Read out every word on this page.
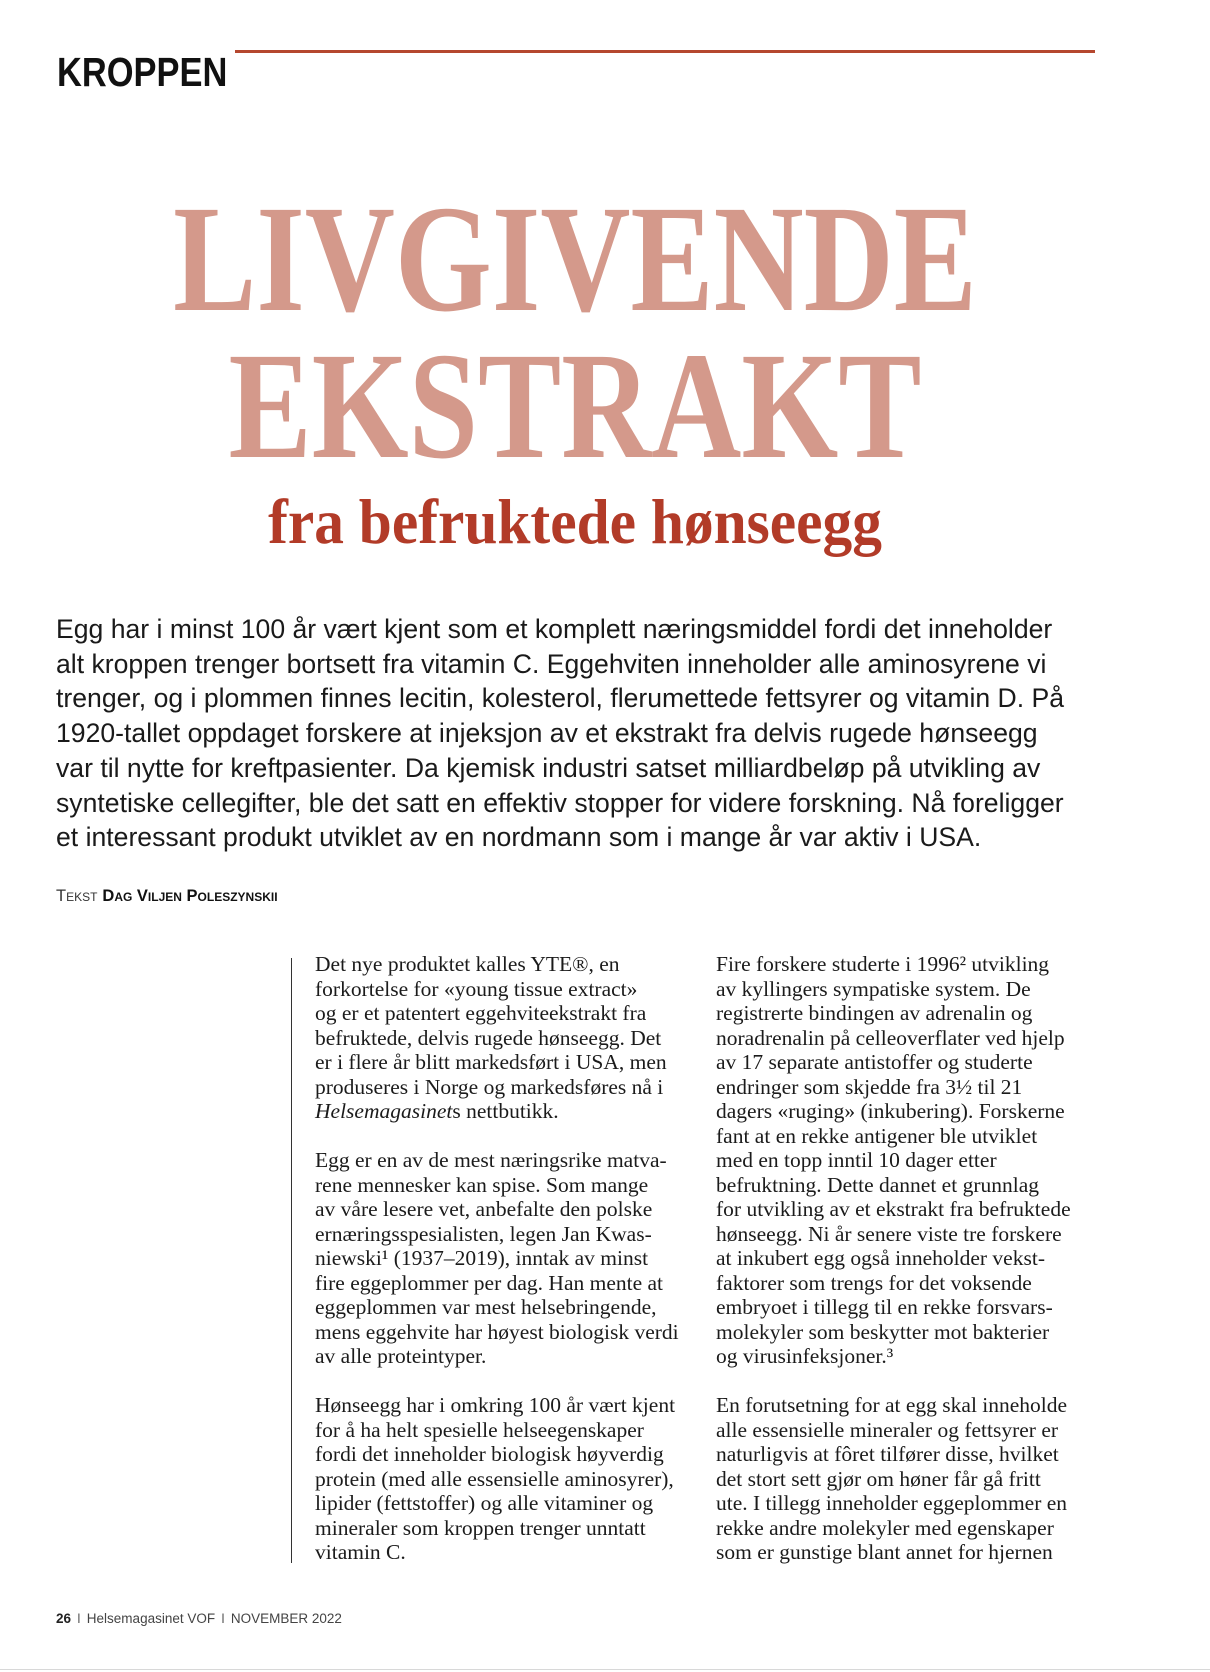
KROPPEN
LIVGIVENDE
EKSTRAKT
fra befruktede hønseegg
Egg har i minst 100 år vært kjent som et komplett næringsmiddel fordi det inneholder
alt kroppen trenger bortsett fra vitamin C. Eggehviten inneholder alle aminosyrene vi
trenger, og i plommen finnes lecitin, kolesterol, flerumettede fettsyrer og vitamin D. På
1920-tallet oppdaget forskere at injeksjon av et ekstrakt fra delvis rugede hønseegg
var til nytte for kreftpasienter. Da kjemisk industri satset milliardbeløp på utvikling av
syntetiske cellegifter, ble det satt en effektiv stopper for videre forskning. Nå foreligger
et interessant produkt utviklet av en nordmann som i mange år var aktiv i USA.
Tekst Dag Viljen Poleszynskii
Det nye produktet kalles YTE®, en
forkortelse for «young tissue extract»
og er et patentert eggehviteekstrakt fra
befruktede, delvis rugede hønseegg. Det
er i flere år blitt markedsført i USA, men
produseres i Norge og markedsføres nå i
Helsemagasinets nettbutikk.
Egg er en av de mest næringsrike matva-
rene mennesker kan spise. Som mange
av våre lesere vet, anbefalte den polske
ernæringsspesialisten, legen Jan Kwas-
niewski¹ (1937–2019), inntak av minst
fire eggeplommer per dag. Han mente at
eggeplommen var mest helsebringende,
mens eggehvite har høyest biologisk verdi
av alle proteintyper.
Hønseegg har i omkring 100 år vært kjent
for å ha helt spesielle helseegenskaper
fordi det inneholder biologisk høyverdig
protein (med alle essensielle aminosyrer),
lipider (fettstoffer) og alle vitaminer og
mineraler som kroppen trenger unntatt
vitamin C.
Fire forskere studerte i 1996² utvikling
av kyllingers sympatiske system. De
registrerte bindingen av adrenalin og
noradrenalin på celleoverflater ved hjelp
av 17 separate antistoffer og studerte
endringer som skjedde fra 3½ til 21
dagers «ruging» (inkubering). Forskerne
fant at en rekke antigener ble utviklet
med en topp inntil 10 dager etter
befruktning. Dette dannet et grunnlag
for utvikling av et ekstrakt fra befruktede
hønseegg. Ni år senere viste tre forskere
at inkubert egg også inneholder vekst-
faktorer som trengs for det voksende
embryoet i tillegg til en rekke forsvars-
molekyler som beskytter mot bakterier
og virusinfeksjoner.³
En forutsetning for at egg skal inneholde
alle essensielle mineraler og fettsyrer er
naturligvis at fôret tilfører disse, hvilket
det stort sett gjør om høner får gå fritt
ute. I tillegg inneholder eggeplommer en
rekke andre molekyler med egenskaper
som er gunstige blant annet for hjernen
26 I Helsemagasinet VOF I NOVEMBER 2022
